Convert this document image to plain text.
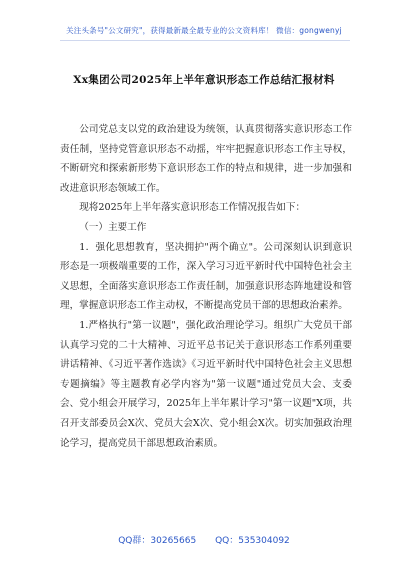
关注头条号"公文研究"，获得最新最全最专业的公文资料库！ 微信：gongwenyj
Xx集团公司2025年上半年意识形态工作总结汇报材料

公司党总支以党的政治建设为统领，认真贯彻落实意识形态工作责任制，坚持党管意识形态不动摇，牢牢把握意识形态工作主导权，不断研究和探索新形势下意识形态工作的特点和规律，进一步加强和改进意识形态领域工作。

现将2025年上半年落实意识形态工作情况报告如下：

（一）主要工作

1．强化思想教育，坚决拥护"两个确立"。公司深刻认识到意识形态是一项极端重要的工作，深入学习习近平新时代中国特色社会主义思想，全面落实意识形态工作责任制，加强意识形态阵地建设和管理，掌握意识形态工作主动权，不断提高党员干部的思想政治素养。

1.严格执行"第一议题"，强化政治理论学习。组织广大党员干部认真学习党的二十大精神、习近平总书记关于意识形态工作系列重要讲话精神、《习近平著作选读》《习近平新时代中国特色社会主义思想专题摘编》等主题教育必学内容为"第一议题"通过党员大会、支委会、党小组会开展学习，2025年上半年累计学习"第一议题"X项，共召开支部委员会X次、党员大会X次、党小组会X次。切实加强政治理论学习，提高党员干部思想政治素质。

QQ群：30265665 QQ：535304092
